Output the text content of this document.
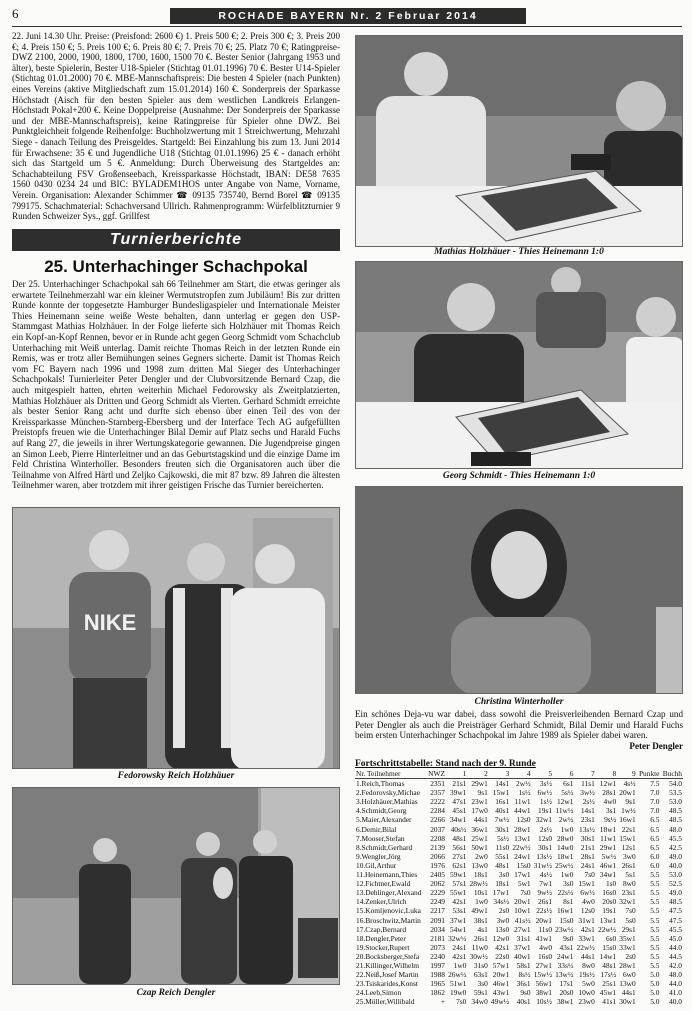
6	ROCHADE BAYERN Nr. 2 Februar 2014
22. Juni 14.30 Uhr. Preise: (Preisfond: 2600 €) 1. Preis 500 €; 2. Preis 300 €; 3. Preis 200 €; 4. Preis 150 €; 5. Preis 100 €; 6. Preis 80 €; 7. Preis 70 €; 25. Platz 70 €; Ratingpreise-DWZ 2100, 2000, 1900, 1800, 1700, 1600, 1500 70 €. Bester Senior (Jahrgang 1953 und älter), beste Spielerin, Bester U18-Spieler (Stichtag 01.01.1996) 70 €. Bester U14-Spieler (Stichtag 01.01.2000) 70 €. MBE-Mannschaftspreis: Die besten 4 Spieler (nach Punkten) eines Vereins (aktive Mitgliedschaft zum 15.01.2014) 160 €. Sonderpreis der Sparkasse Höchstadt (Aisch für den besten Spieler aus dem westlichen Landkreis Erlangen-Höchstadt Pokal+200 €. Keine Doppelpreise (Ausnahme: Der Sonderpreis der Sparkasse und der MBE-Mannschaftspreis), keine Ratingpreise für Spieler ohne DWZ. Bei Punktgleichheit folgende Reihenfolge: Buchholzwertung mit 1 Streichwertung, Mehrzahl Siege - danach Teilung des Preisgeldes. Startgeld: Bei Einzahlung bis zum 13. Juni 2014 für Erwachsene: 35 € und Jugendliche U18 (Stichtag 01.01.1996) 25 € - danach erhöht sich das Startgeld um 5 €. Anmeldung: Durch Überweisung des Startgeldes an: Schachabteilung FSV Großenseebach, Kreissparkasse Höchstadt, IBAN: DE58 7635 1560 0430 0234 24 und BIC: BYLADEM1HOS unter Angabe von Name, Vorname, Verein. Organisation: Alexander Schimmer ☎ 09135 735740, Bernd Borel ☎ 09135 799175. Schachmaterial: Schachversand Ullrich. Rahmenprogramm: Würfelblitzturnier 9 Runden Schweizer Sys., ggf. Grillfest
Turnierberichte
25. Unterhachinger Schachpokal
Der 25. Unterhachinger Schachpokal sah 66 Teilnehmer am Start, die etwas geringer als erwartete Teilnehmerzahl war ein kleiner Wermutstropfen zum Jubiläum! Bis zur dritten Runde konnte der topgesetzte Hamburger Bundesligaspieler und Internationale Meister Thies Heinemann seine weiße Weste behalten, dann unterlag er gegen den USP-Stammgast Mathias Holzhäuer. In der Folge lieferte sich Holzhäuer mit Thomas Reich ein Kopf-an-Kopf Rennen, bevor er in Runde acht gegen Georg Schmidt vom Schachclub Unterhaching mit Weiß unterlag. Damit reichte Thomas Reich in der letzten Runde ein Remis, was er trotz aller Bemühungen seines Gegners sicherte. Damit ist Thomas Reich vom FC Bayern nach 1996 und 1998 zum dritten Mal Sieger des Unterhachinger Schachpokals! Turnierleiter Peter Dengler und der Clubvorsitzende Bernard Czap, die auch mitgespielt hatten, ehrten weiterhin Michael Fedorowsky als Zweitplatzierten, Mathias Holzhäuer als Dritten und Georg Schmidt als Vierten. Gerhard Schmidt erreichte als bester Senior Rang acht und durfte sich ebenso über einen Teil des von der Kreissparkasse München-Starnberg-Ebersberg und der Interface Tech AG aufgefüllten Preistopfs freuen wie die Unterhachinger Bilal Demir auf Platz sechs und Harald Fuchs auf Rang 27, die jeweils in ihrer Wertungskategorie gewannen. Die Jugendpreise gingen an Simon Leeb, Pierre Hinterleitner und an das Geburtstagskind und die einzige Dame im Feld Christina Winterholler. Besonders freuten sich die Organisatoren auch über die Teilnahme von Alfred Härtl und Zeljko Cajkowski, die mit 87 bzw. 89 Jahren die ältesten Teilnehmer waren, aber trotzdem mit ihrer geistigen Frische das Turnier bereicherten.
NIKE
Fedorowsky Reich Holzhäuer
Czap Reich Dengler
Mathias Holzhäuer - Thies Heinemann 1:0
Georg Schmidt - Thies Heinemann 1:0
Christina Winterholler
Ein schönes Deja-vu war dabei, dass sowohl die Preisverleihenden Bernard Czap und Peter Dengler als auch die Preisträger Gerhard Schmidt, Bilal Demir und Harald Fuchs beim ersten Unterhachinger Schachpokal im Jahre 1989 als Spieler dabei waren.
Peter Dengler
Fortschrittstabelle: Stand nach der 9. Runde
Nr. Teilnehmer	NWZ	1	2	3	4	5	6	7	8	9	Punkte	Buchh
1.Reich,Thomas	2351	21s1	29w1	14s1	2w½	3s½	6s1	11s1	12w1	4s½	7.5	54.0
2.Fedorovsky,Michae	2357	39w1	9s1	15w1	1s½	6w½	5s½	3w½	28s1	20w1	7.0	53.5
3.Holzhäuer,Mathias	2222	47s1	23w1	16s1	11w1	1s½	12w1	2s½	4w0	9s1	7.0	53.0
4.Schmidt,Georg	2284	45s1	17w0	40s1	44w1	19s1	11w½	14s1	3s1	1w½	7.0	48.5
5.Maier,Alexander	2266	34w1	44s1	7w½	12s0	32w1	2w½	23s1	9s½	16w1	6.5	48.5
6.Demir,Bilal	2037	40s½	36w1	30s1	28w1	2s½	1w0	13s½	18w1	22s1	6.5	48.0
7.Mooser,Stefan	2208	48s1	25w1	5s½	13w1	12s0	28w0	30s1	11w1	15w1	6.5	45.5
8.Schmidt,Gerhard	2139	56s1	50w1	11s0	22w½	30s1	14w0	21s1	29w1	12s1	6.5	42.5
9.Wengler,Jörg	2066	27s1	2w0	55s1	24w1	13s½	18w1	28s1	5w½	3w0	6.0	49.0
10.Gil,Arthur	1976	62s1	13w0	48s1	15s0	31w½	25w½	24s1	46w1	26s1	6.0	40.0
11.Heinemann,Thies	2405	59w1	18s1	3s0	17w1	4s½	1w0	7s0	34w1	5s1	5.5	53.0
12.Fichtner,Ewald	2062	57s1	28w½	18s1	5w1	7w1	3s0	15w1	1s0	8w0	5.5	52.5
13.Dehlinger,Alexand	2229	55w1	10s1	17w1	7s0	9w½	22s½	6w½	16s0	23s1	5.5	49.0
14.Zenker,Ulrich	2249	42s1	1w0	34s½	20w1	26s1	8s1	4w0	20s0	32w1	5.5	48.5
15.Komljenovic,Luka	2217	53s1	49w1	2s0	10w1	22s½	16w1	12s0	19s1	7s0	5.5	47.5
16.Broschwitz,Martin	2091	37w1	38s1	3w0	41s½	20w1	15s0	31w1	13w1	5s0	5.5	47.5
17.Czap,Bernard	2034	54w1	4s1	13s0	27w1	11s0	23w½	42s1	22w½	29s1	5.5	45.5
18.Dengler,Peter	2181	32w½	26s1	12w0	31s1	41w1	9s0	33w1	6s0	35w1	5.5	45.0
19.Stocker,Rupert	2073	24s1	11w0	42s1	37w1	4w0	43s1	22w½	15s0	33w1	5.5	44.0
20.Bocksberger,Stefa	2240	42s1	30w½	22s0	40w1	16s0	24w1	44s1	14w1	2s0	5.5	44.5
21.Killinger,Wilhelm	1997	1w0	31s0	57w1	58s1	27w1	33s½	8w0	48s1	28w1	5.5	42.0
22.Neiß,Josef Martin	1988	26w½	63s1	20w1	8s½	15w½	13w½	19s½	17s½	6w0	5.0	48.0
23.Tsiskarides,Konst	1965	51w1	3s0	46w1	36s1	56w1	17s1	5w0	25s1	13w0	5.0	44.0
24.Leeb,Simon	1862	19w0	59s1	43w1	9s0	38w1	20s0	10w0	45w1	44s1	5.0	41.0
25.Müller,Willibald	+	7s0	34w0	49w½	40s1	10s½	38w1	23w0	41s1	30w1	5.0	40.0
